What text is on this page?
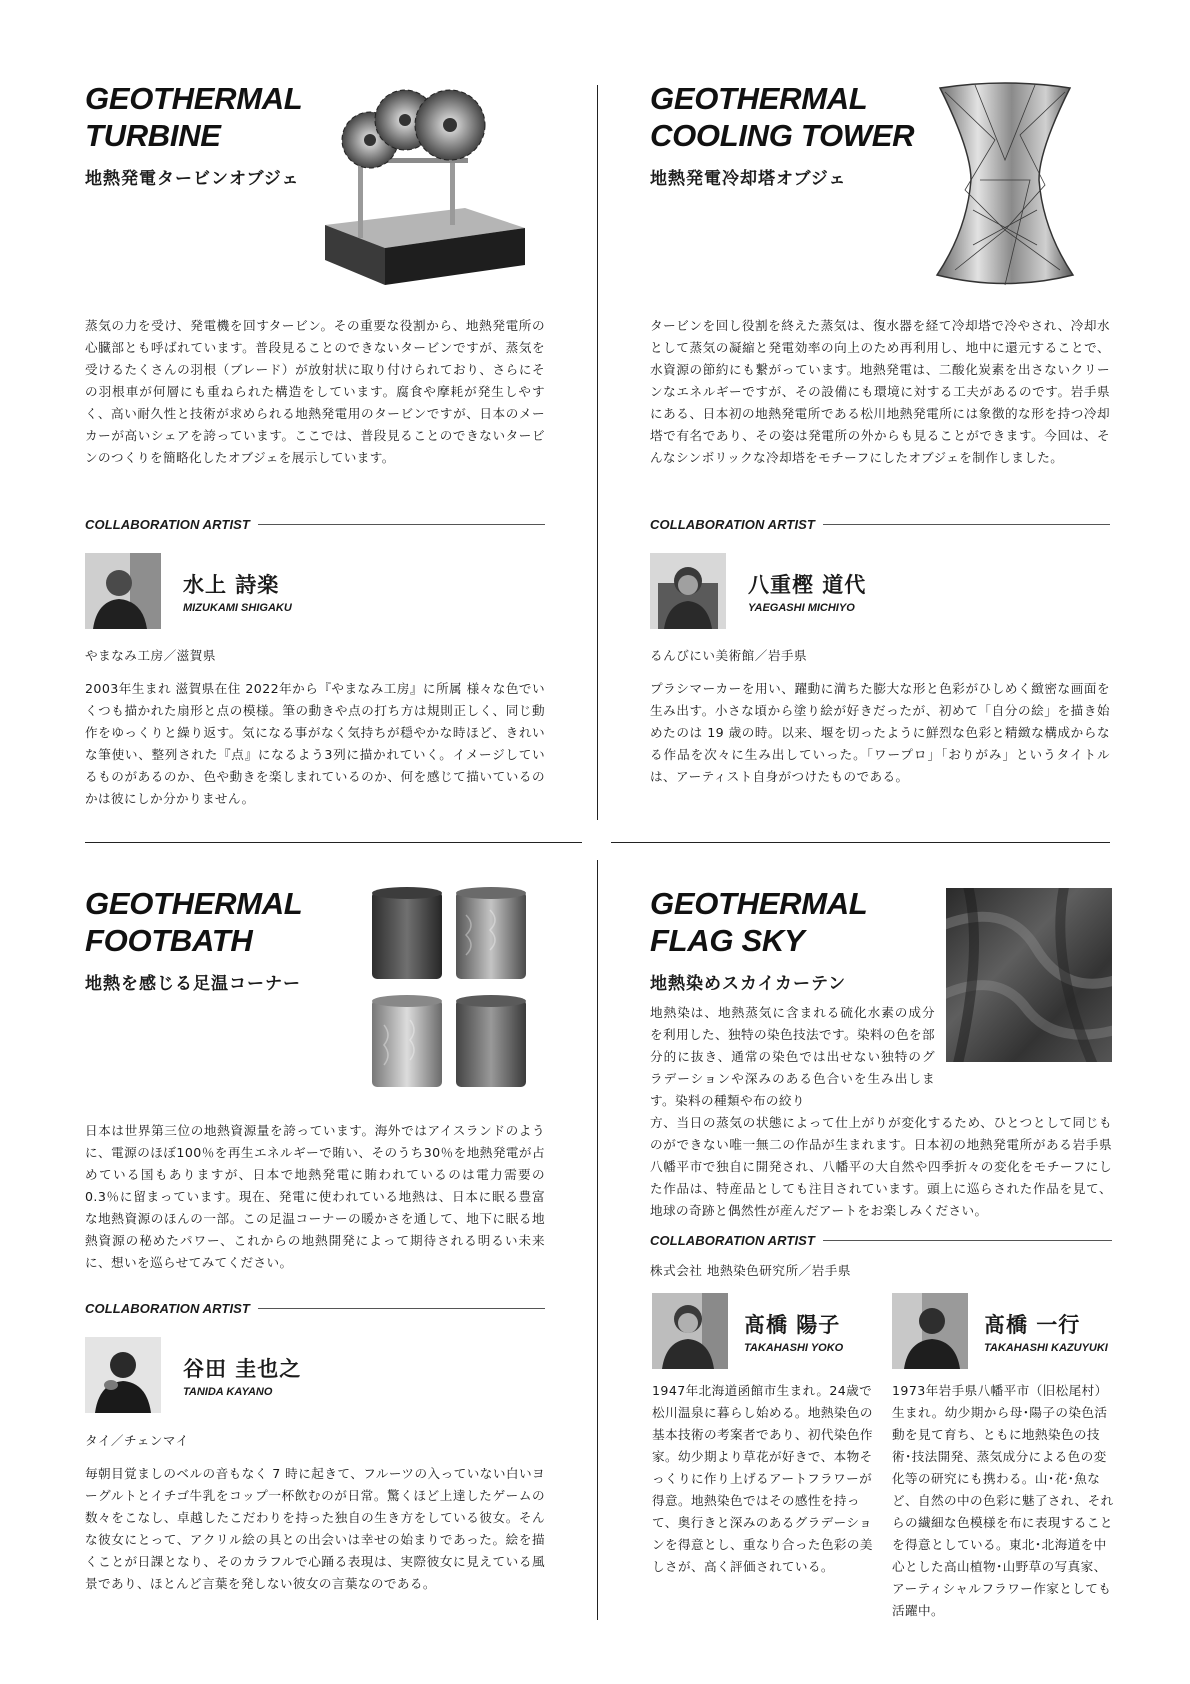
GEOTHERMAL
TURBINE
地熱発電タービンオブジェ
蒸気の力を受け、発電機を回すタービン。その重要な役割から、地熱発電所の心臓部とも呼ばれています。普段見ることのできないタービンですが、蒸気を受けるたくさんの羽根（ブレード）が放射状に取り付けられており、さらにその羽根車が何層にも重ねられた構造をしています。腐食や摩耗が発生しやすく、高い耐久性と技術が求められる地熱発電用のタービンですが、日本のメーカーが高いシェアを誇っています。ここでは、普段見ることのできないタービンのつくりを簡略化したオブジェを展示しています。
COLLABORATION ARTIST
水上 詩楽
MIZUKAMI SHIGAKU
やまなみ工房／滋賀県
2003年生まれ 滋賀県在住 2022年から『やまなみ工房』に所属 様々な色でいくつも描かれた扇形と点の模様。筆の動きや点の打ち方は規則正しく、同じ動作をゆっくりと繰り返す。気になる事がなく気持ちが穏やかな時ほど、きれいな筆使い、整列された『点』になるよう3列に描かれていく。イメージしているものがあるのか、色や動きを楽しまれているのか、何を感じて描いているのかは彼にしか分かりません。
GEOTHERMAL
COOLING TOWER
地熱発電冷却塔オブジェ
タービンを回し役割を終えた蒸気は、復水器を経て冷却塔で冷やされ、冷却水として蒸気の凝縮と発電効率の向上のため再利用し、地中に還元することで、水資源の節約にも繋がっています。地熱発電は、二酸化炭素を出さないクリーンなエネルギーですが、その設備にも環境に対する工夫があるのです。岩手県にある、日本初の地熱発電所である松川地熱発電所には象徴的な形を持つ冷却塔で有名であり、その姿は発電所の外からも見ることができます。今回は、そんなシンボリックな冷却塔をモチーフにしたオブジェを制作しました。
COLLABORATION ARTIST
八重樫 道代
YAEGASHI MICHIYO
るんびにい美術館／岩手県
プラシマーカーを用い、躍動に満ちた膨大な形と色彩がひしめく緻密な画面を生み出す。小さな頃から塗り絵が好きだったが、初めて「自分の絵」を描き始めたのは 19 歳の時。以来、堰を切ったように鮮烈な色彩と精緻な構成からなる作品を次々に生み出していった。「ワープロ」「おりがみ」というタイトルは、アーティスト自身がつけたものである。
GEOTHERMAL
FOOTBATH
地熱を感じる足温コーナー
日本は世界第三位の地熱資源量を誇っています。海外ではアイスランドのように、電源のほぼ100％を再生エネルギーで賄い、そのうち30％を地熱発電が占めている国もありますが、日本で地熱発電に賄われているのは電力需要の 0.3％に留まっています。現在、発電に使われている地熱は、日本に眠る豊富な地熱資源のほんの一部。この足温コーナーの暖かさを通して、地下に眠る地熱資源の秘めたパワー、これからの地熱開発によって期待される明るい未来に、想いを巡らせてみてください。
COLLABORATION ARTIST
谷田 圭也之
TANIDA KAYANO
タイ／チェンマイ
毎朝目覚ましのベルの音もなく 7 時に起きて、フルーツの入っていない白いヨーグルトとイチゴ牛乳をコップ一杯飲むのが日常。驚くほど上達したゲームの数々をこなし、卓越したこだわりを持った独自の生き方をしている彼女。そんな彼女にとって、アクリル絵の具との出会いは幸せの始まりであった。絵を描くことが日課となり、そのカラフルで心踊る表現は、実際彼女に見えている風景であり、ほとんど言葉を発しない彼女の言葉なのである。
GEOTHERMAL
FLAG SKY
地熱染めスカイカーテン
地熱染は、地熱蒸気に含まれる硫化水素の成分を利用した、独特の染色技法です。染料の色を部分的に抜き、通常の染色では出せない独特のグラデーションや深みのある色合いを生み出します。染料の種類や布の絞り
方、当日の蒸気の状態によって仕上がりが変化するため、ひとつとして同じものができない唯一無二の作品が生まれます。日本初の地熱発電所がある岩手県八幡平市で独自に開発され、八幡平の大自然や四季折々の変化をモチーフにした作品は、特産品としても注目されています。頭上に巡らされた作品を見て、地球の奇跡と偶然性が産んだアートをお楽しみください。
COLLABORATION ARTIST
株式会社 地熱染色研究所／岩手県
髙橋 陽子
TAKAHASHI YOKO
髙橋 一行
TAKAHASHI KAZUYUKI
1947年北海道函館市生まれ。24歳で松川温泉に暮らし始める。地熱染色の基本技術の考案者であり、初代染色作家。幼少期より草花が好きで、本物そっくりに作り上げるアートフラワーが得意。地熱染色ではその感性を持って、奥行きと深みのあるグラデーションを得意とし、重なり合った色彩の美しさが、高く評価されている。
1973年岩手県八幡平市（旧松尾村）生まれ。幼少期から母･陽子の染色活動を見て育ち、ともに地熱染色の技術･技法開発、蒸気成分による色の変化等の研究にも携わる。山･花･魚など、自然の中の色彩に魅了され、それらの繊細な色模様を布に表現することを得意としている。東北･北海道を中心とした高山植物･山野草の写真家、アーティシャルフラワー作家としても活躍中。
